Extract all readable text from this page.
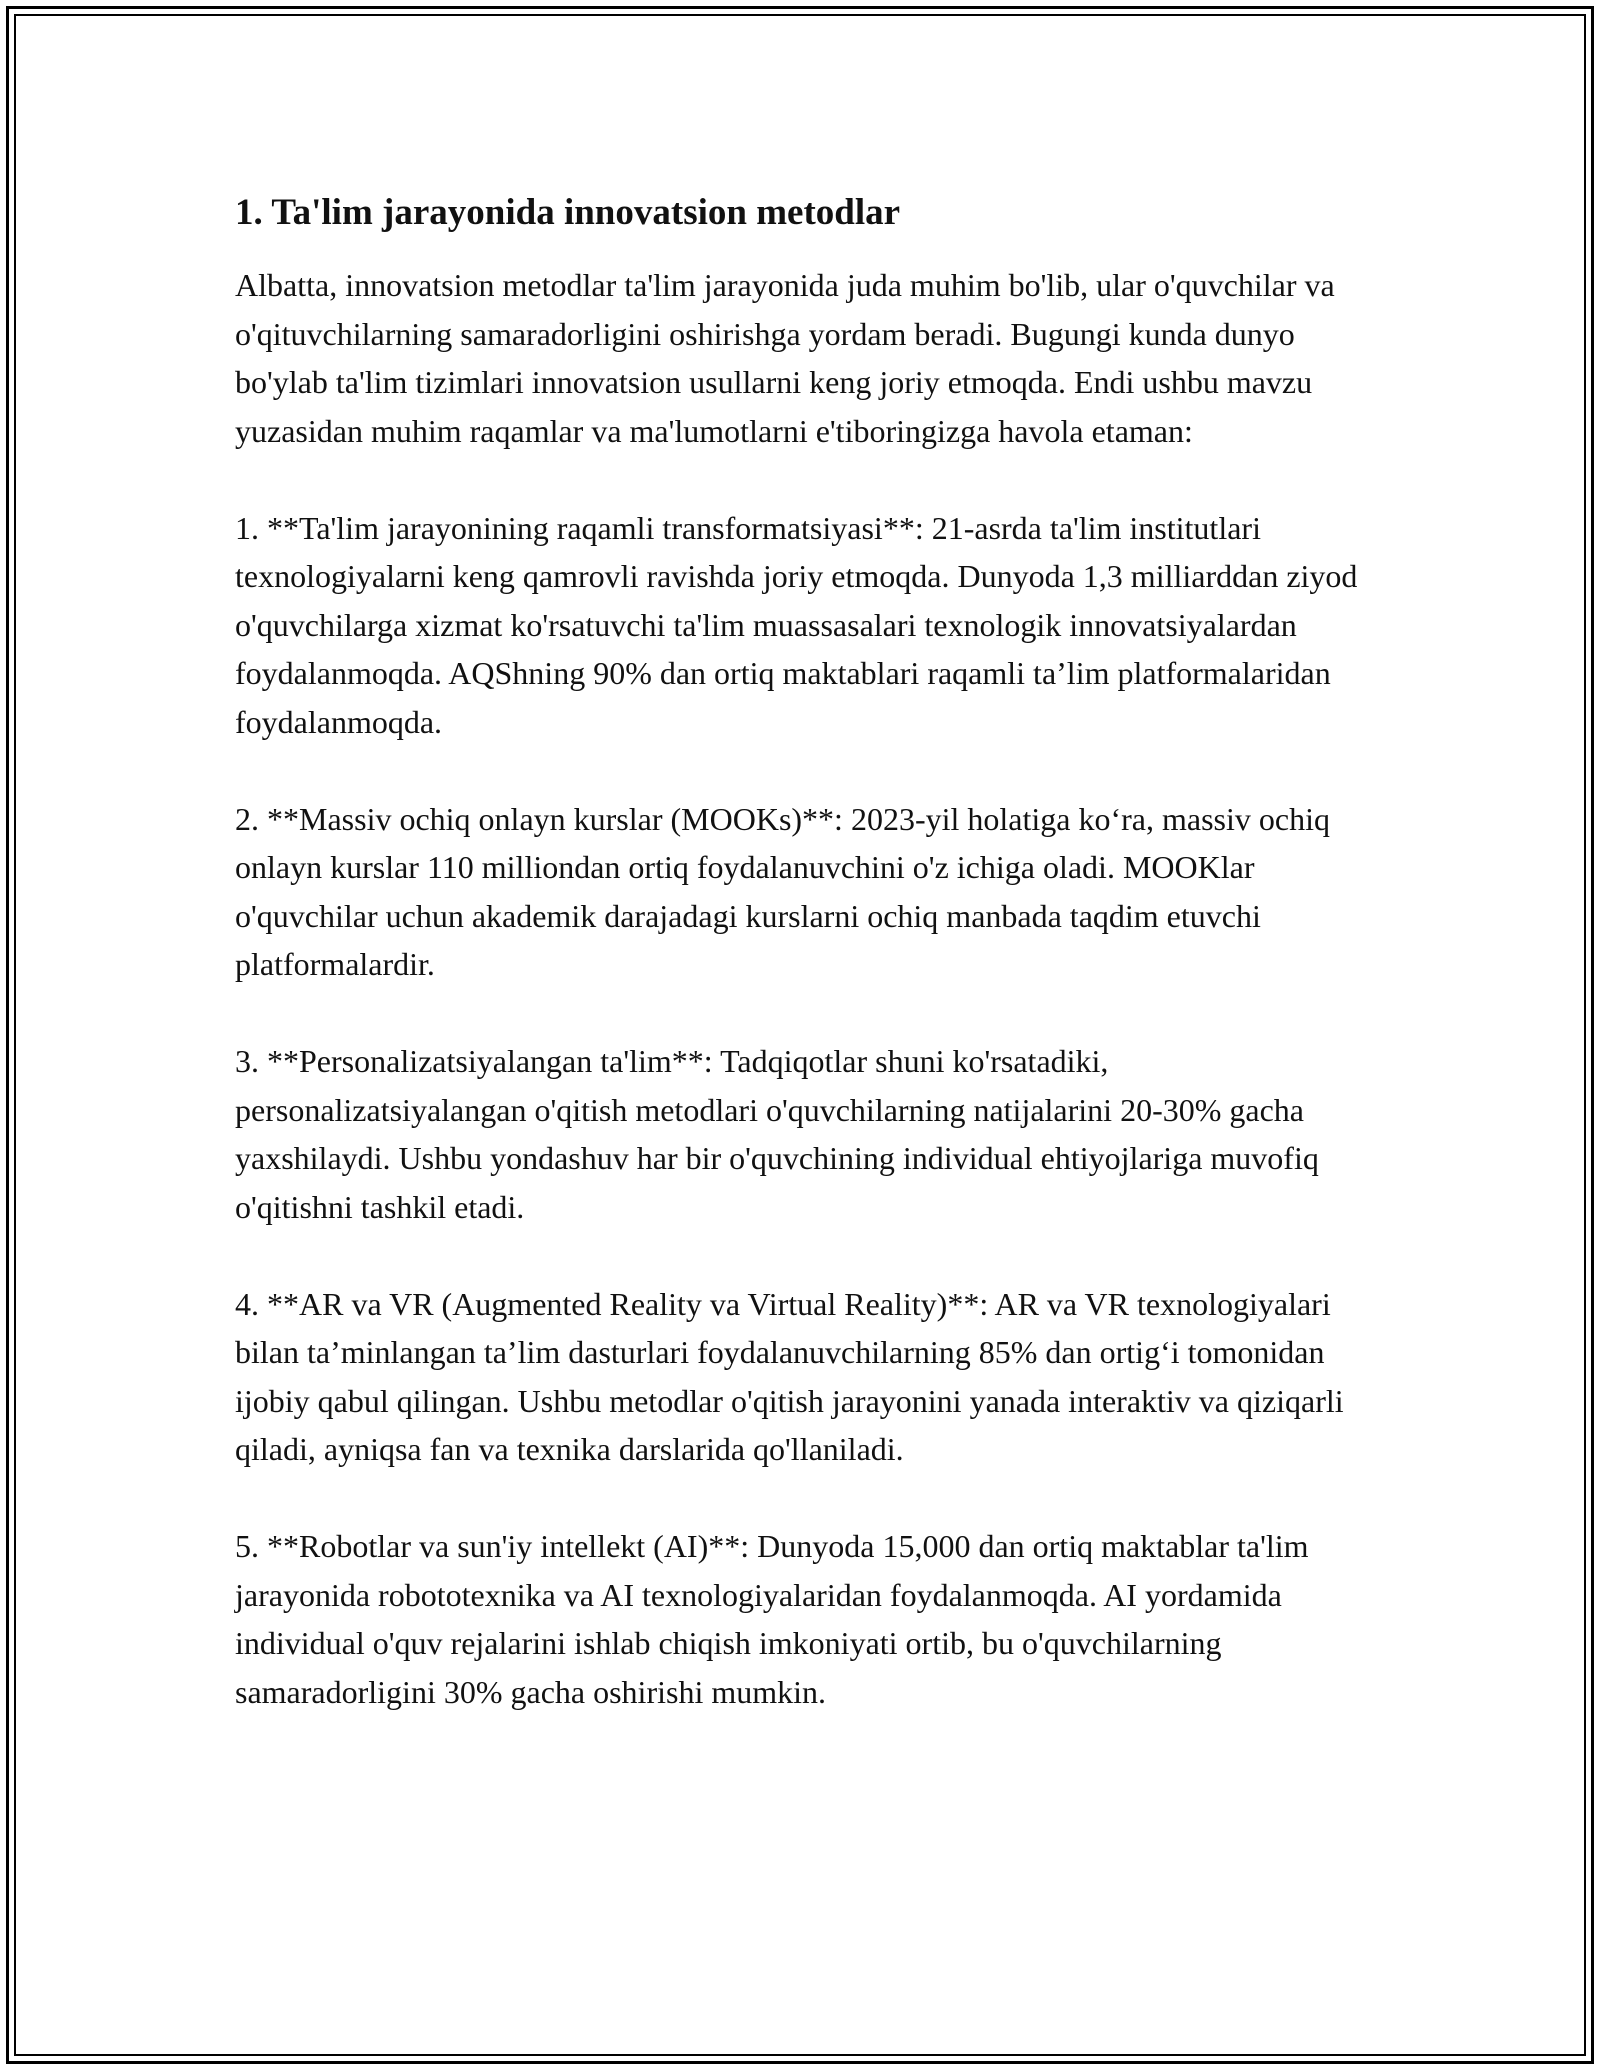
1. Ta'lim jarayonida innovatsion metodlar

Albatta, innovatsion metodlar ta'lim jarayonida juda muhim bo'lib, ular o'quvchilar va o'qituvchilarning samaradorligini oshirishga yordam beradi. Bugungi kunda dunyo bo'ylab ta'lim tizimlari innovatsion usullarni keng joriy etmoqda. Endi ushbu mavzu yuzasidan muhim raqamlar va ma'lumotlarni e'tiboringizga havola etaman:

1. **Ta'lim jarayonining raqamli transformatsiyasi**: 21-asrda ta'lim institutlari texnologiyalarni keng qamrovli ravishda joriy etmoqda. Dunyoda 1,3 milliarddan ziyod o'quvchilarga xizmat ko'rsatuvchi ta'lim muassasalari texnologik innovatsiyalardan foydalanmoqda. AQShning 90% dan ortiq maktablari raqamli ta’lim platformalaridan foydalanmoqda.

2. **Massiv ochiq onlayn kurslar (MOOKs)**: 2023-yil holatiga ko‘ra, massiv ochiq onlayn kurslar 110 milliondan ortiq foydalanuvchini o'z ichiga oladi. MOOKlar o'quvchilar uchun akademik darajadagi kurslarni ochiq manbada taqdim etuvchi platformalardir.

3. **Personalizatsiyalangan ta'lim**: Tadqiqotlar shuni ko'rsatadiki, personalizatsiyalangan o'qitish metodlari o'quvchilarning natijalarini 20-30% gacha yaxshilaydi. Ushbu yondashuv har bir o'quvchining individual ehtiyojlariga muvofiq o'qitishni tashkil etadi.

4. **AR va VR (Augmented Reality va Virtual Reality)**: AR va VR texnologiyalari bilan ta’minlangan ta’lim dasturlari foydalanuvchilarning 85% dan ortig‘i tomonidan ijobiy qabul qilingan. Ushbu metodlar o'qitish jarayonini yanada interaktiv va qiziqarli qiladi, ayniqsa fan va texnika darslarida qo'llaniladi.

5. **Robotlar va sun'iy intellekt (AI)**: Dunyoda 15,000 dan ortiq maktablar ta'lim jarayonida robototexnika va AI texnologiyalaridan foydalanmoqda. AI yordamida individual o'quv rejalarini ishlab chiqish imkoniyati ortib, bu o'quvchilarning samaradorligini 30% gacha oshirishi mumkin.
